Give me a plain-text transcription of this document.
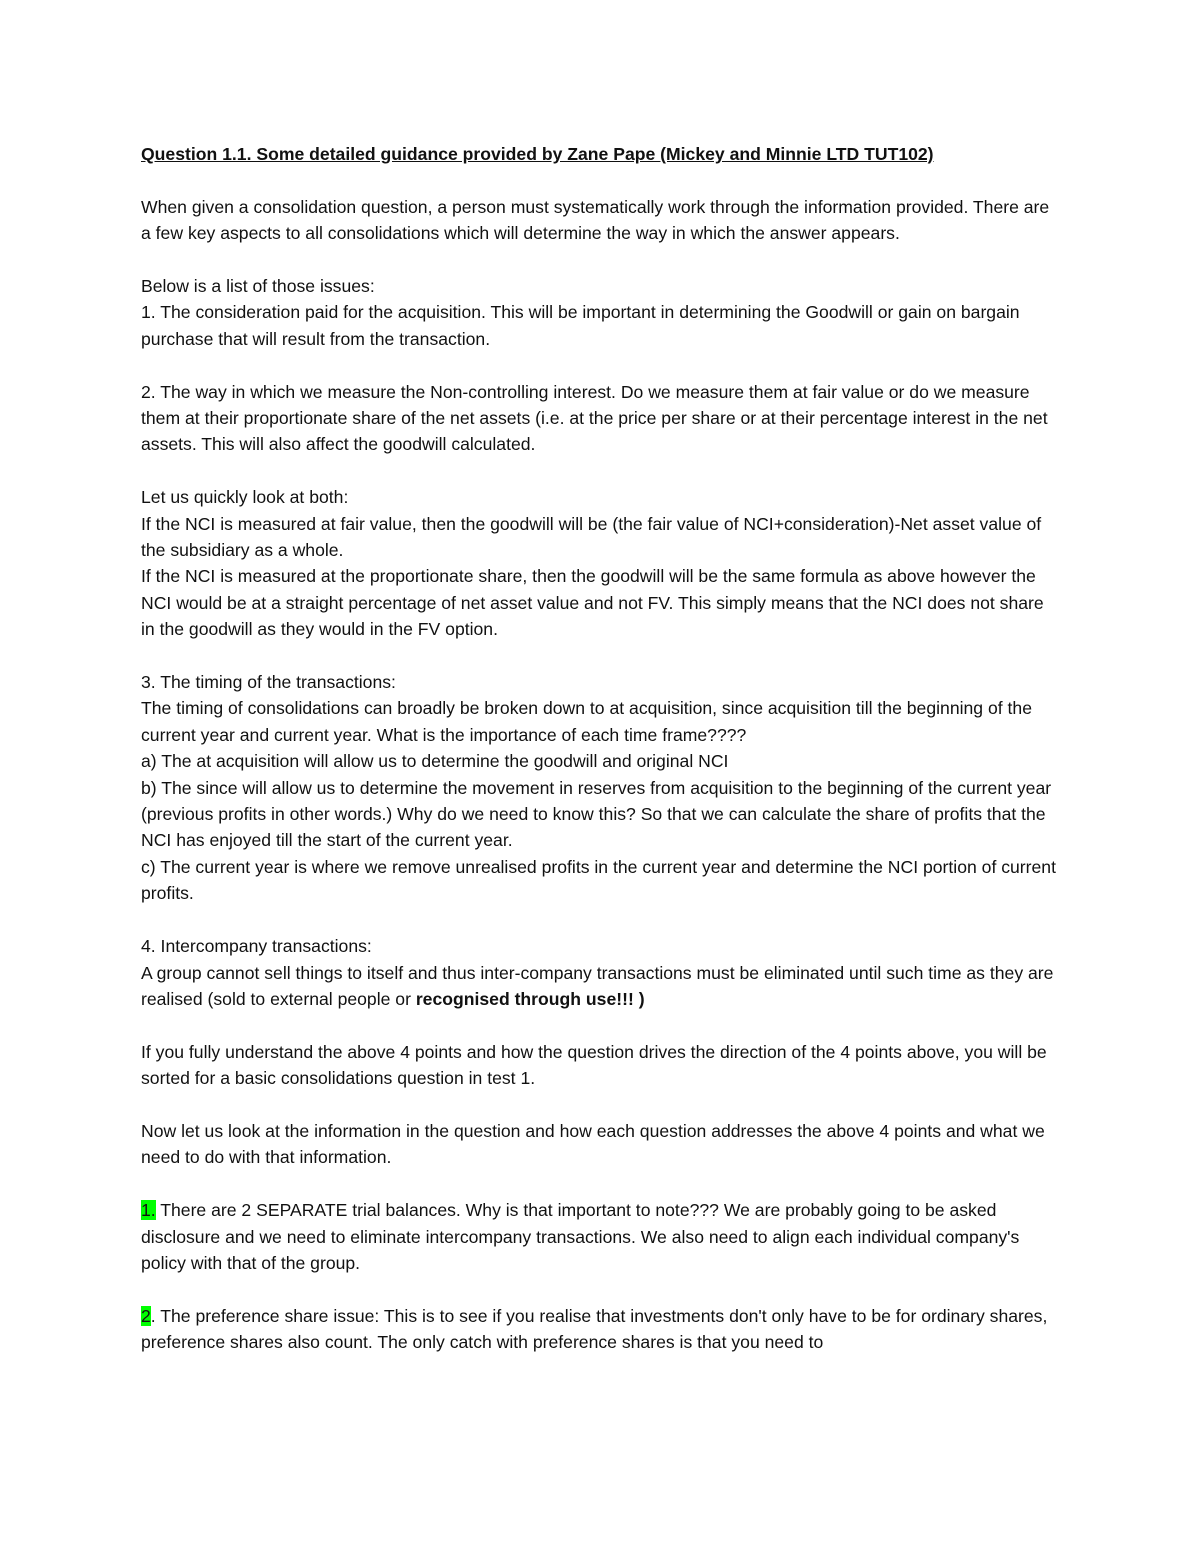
Question 1.1. Some detailed guidance provided by Zane Pape (Mickey and Minnie LTD TUT102)

When given a consolidation question, a person must systematically work through the information provided. There are a few key aspects to all consolidations which will determine the way in which the answer appears.

Below is a list of those issues:

1. The consideration paid for the acquisition. This will be important in determining the Goodwill or gain on bargain purchase that will result from the transaction.

2. The way in which we measure the Non-controlling interest. Do we measure them at fair value or do we measure them at their proportionate share of the net assets (i.e. at the price per share or at their percentage interest in the net assets. This will also affect the goodwill calculated.

Let us quickly look at both:

If the NCI is measured at fair value, then the goodwill will be (the fair value of NCI+consideration)-Net asset value of the subsidiary as a whole.

If the NCI is measured at the proportionate share, then the goodwill will be the same formula as above however the NCI would be at a straight percentage of net asset value and not FV. This simply means that the NCI does not share in the goodwill as they would in the FV option.

3. The timing of the transactions:

The timing of consolidations can broadly be broken down to at acquisition, since acquisition till the beginning of the current year and current year. What is the importance of each time frame????

a) The at acquisition will allow us to determine the goodwill and original NCI

b) The since will allow us to determine the movement in reserves from acquisition to the beginning of the current year (previous profits in other words.) Why do we need to know this? So that we can calculate the share of profits that the NCI has enjoyed till the start of the current year.

c) The current year is where we remove unrealised profits in the current year and determine the NCI portion of current profits.

4. Intercompany transactions:

A group cannot sell things to itself and thus inter-company transactions must be eliminated until such time as they are realised (sold to external people or recognised through use!!! )

If you fully understand the above 4 points and how the question drives the direction of the 4 points above, you will be sorted for a basic consolidations question in test 1.

Now let us look at the information in the question and how each question addresses the above 4 points and what we need to do with that information.

1. There are 2 SEPARATE trial balances. Why is that important to note??? We are probably going to be asked disclosure and we need to eliminate intercompany transactions. We also need to align each individual company's policy with that of the group.

2. The preference share issue: This is to see if you realise that investments don't only have to be for ordinary shares, preference shares also count. The only catch with preference shares is that you need to
